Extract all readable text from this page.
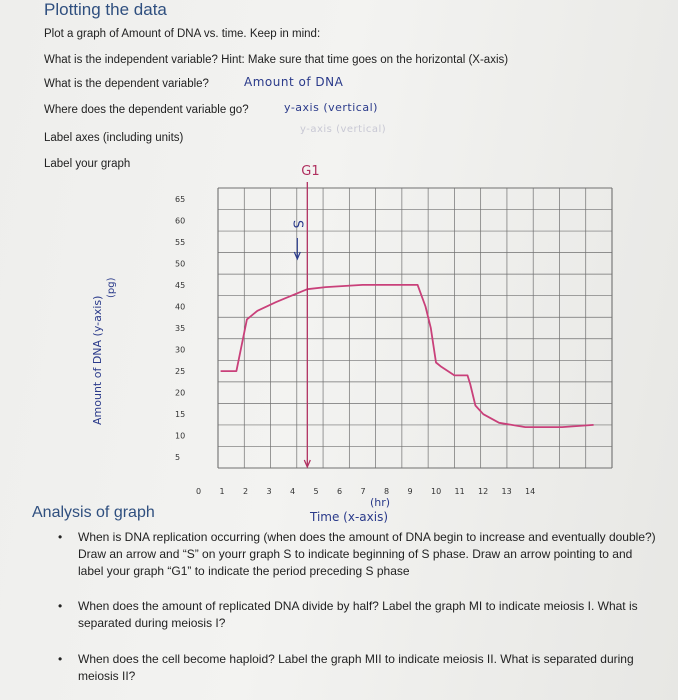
Plotting the data
Plot a graph of Amount of DNA vs. time. Keep in mind:
What is the independent variable? Hint: Make sure that time goes on the horizontal (X-axis)
What is the dependent variable?	Amount of DNA
Where does the dependent variable go?	y-axis (vertical)
y-axis (vertical)
Label axes (including units)
Label your graph
65
60
55
50
45
40
35
30
25
20
15
10
5
0 1 2 3 4 5 6 7 8 9 10 11 12 13 14
G1
S
Amount of DNA (y-axis)
(pg)
(hr)
Time (x-axis)
Analysis of graph
• When is DNA replication occurring (when does the amount of DNA begin to increase and eventually double?) Draw an arrow and “S” on yourr graph S to indicate beginning of S phase. Draw an arrow pointing to and label your graph “G1” to indicate the period preceding S phase
• When does the amount of replicated DNA divide by half? Label the graph MI to indicate meiosis I. What is separated during meiosis I?
• When does the cell become haploid? Label the graph MII to indicate meiosis II. What is separated during meiosis II?
